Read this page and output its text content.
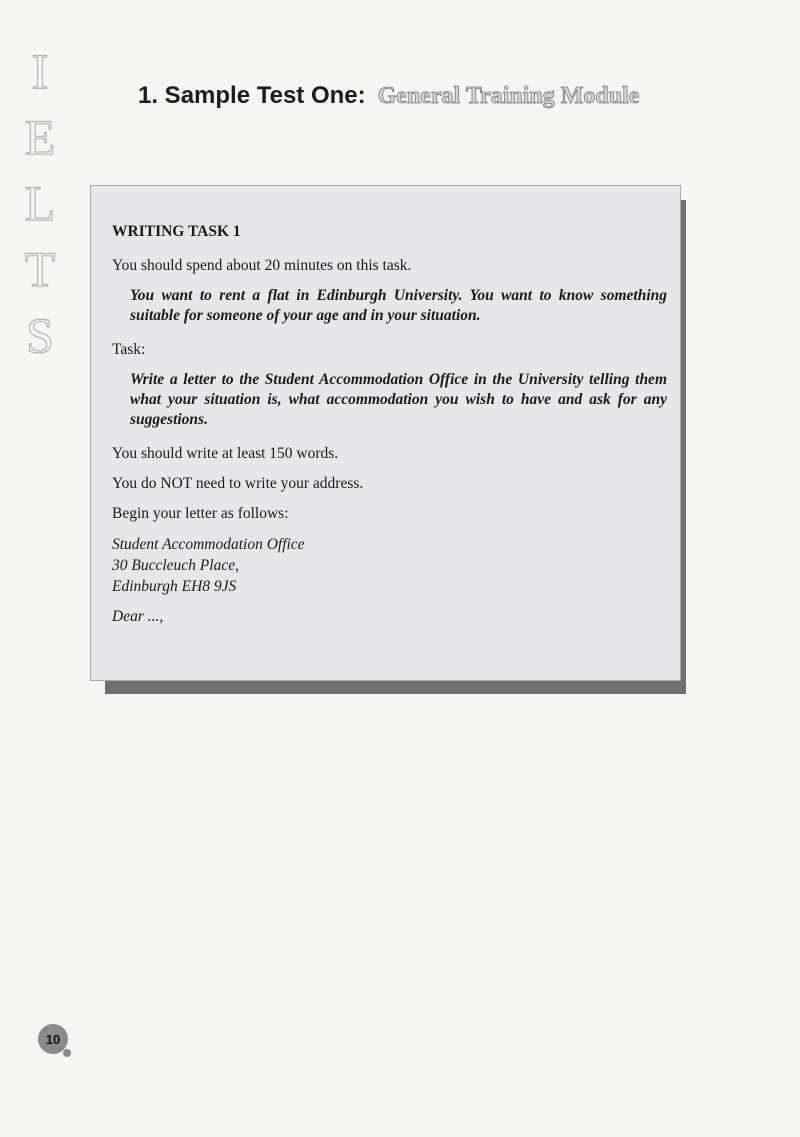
I
E
L
T
S
1. Sample Test One: General Training Module

WRITING TASK 1

You should spend about 20 minutes on this task.

You want to rent a flat in Edinburgh University. You want to know something suitable for someone of your age and in your situation.

Task:

Write a letter to the Student Accommodation Office in the University telling them what your situation is, what accommodation you wish to have and ask for any suggestions.

You should write at least 150 words.

You do NOT need to write your address.

Begin your letter as follows:

Student Accommodation Office
30 Buccleuch Place,
Edinburgh EH8 9JS

Dear ...,

10
